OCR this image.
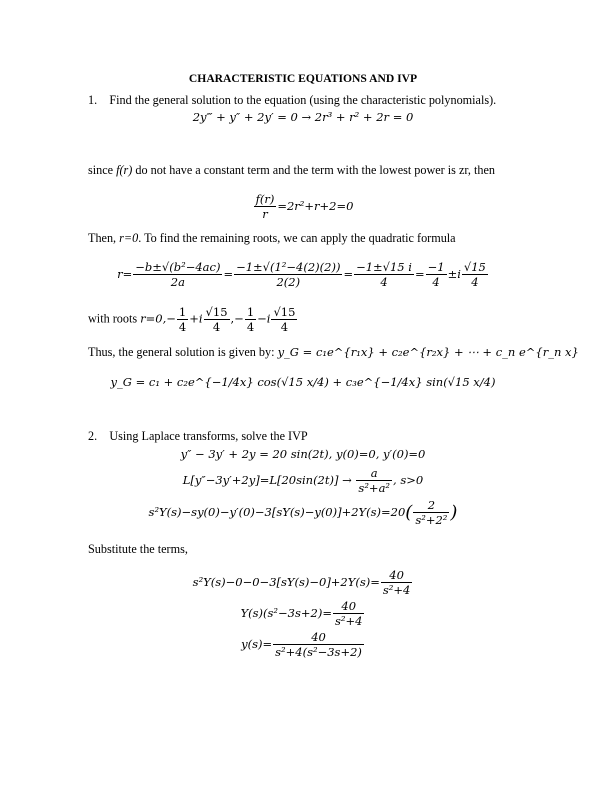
CHARACTERISTIC EQUATIONS AND IVP
1. Find the general solution to the equation (using the characteristic polynomials).
2y‴ + y″ + 2y′ = 0 → 2r³ + r² + 2r = 0
since f(r) do not have a constant term and the term with the lowest power is zr, then
$\frac{f(r)}{r} =2r^2+r+2=0$
Then, r=0. To find the remaining roots, we can apply the quadratic formula
$r= \frac{\text{−b±√(b²−4ac)}}{2a} = \frac{\text{−1±√(1²−4(2)(2))}}{2(2)} = \frac{-1\pm√15 i}{4} = \frac{-1}{4} \pm i \frac{√15}{4}$
with roots $r=0,- \frac{1}{4} +i \frac{√15}{4}$ ,− $\frac{1}{4} -i \frac{√15}{4}$
Thus, the general solution is given by: y_G = c₁e^{r₁x} + c₂e^{r₂x} + ⋯ + c_n e^{r_n x}
y_G = c₁ + c₂e^{−1/4x} cos(√15 x/4) + c₃e^{−1/4x} sin(√15 x/4)
2. Using Laplace transforms, solve the IVP
y″ − 3y′ + 2y = 20 sin(2t), y(0)=0, y′(0)=0
$L[y''-3y'+2y]=L[20\sin(2t)] \to \frac{a}{\text{s²+a²}}$ , s>0
$s^2Y(s)-sy(0)-y'(0)-3[sY(s)-y(0)]+2Y(s)=20( \frac{2}{\text{s²+2²}}$ )
Substitute the terms,
$s^2Y(s)-0-0-3[sY(s)-0]+2Y(s)= \frac{40}{\text{s²+4}}$
$Y(s)(s^2-3s+2)= \frac{40}{\text{s²+4}}$
$y(s)= \frac{40}{\text{s²+4(s²−3s+2)}}$
